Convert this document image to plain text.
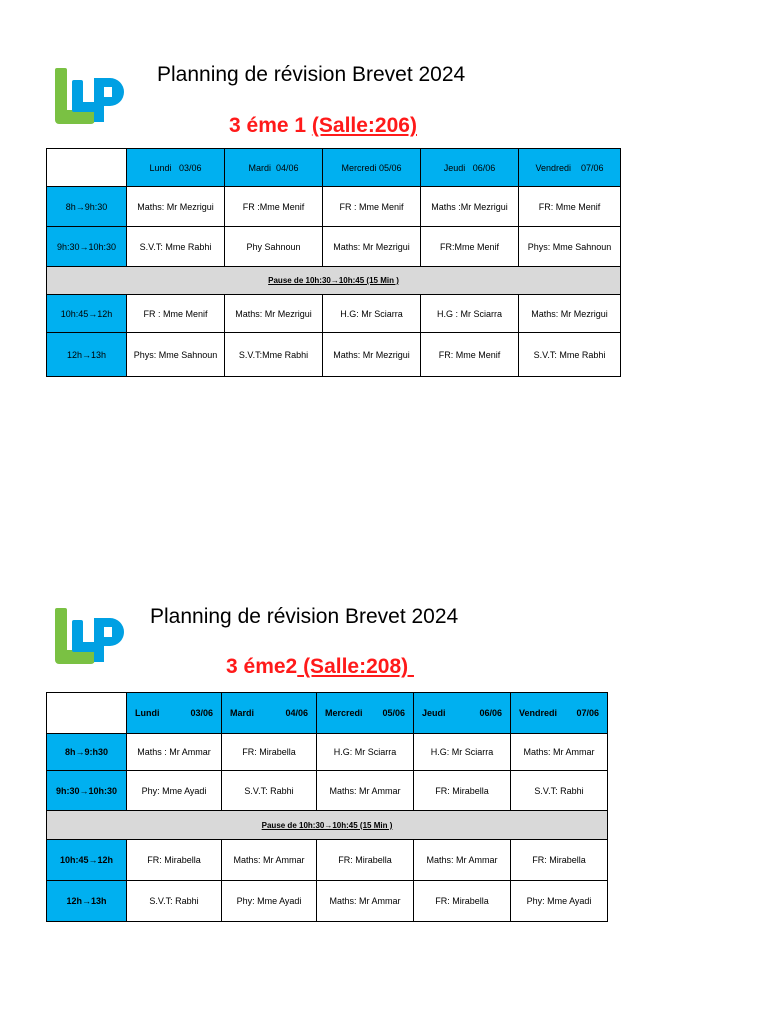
Planning de révision Brevet 2024
3 éme 1 (Salle:206)
	Lundi 03/06	Mardi 04/06	Mercredi 05/06	Jeudi 06/06	Vendredi 07/06
8h→9h:30	Maths: Mr Mezrigui	FR :Mme Menif	FR : Mme Menif	Maths :Mr Mezrigui	FR: Mme Menif
9h:30→10h:30	S.V.T: Mme Rabhi	Phy Sahnoun	Maths: Mr Mezrigui	FR:Mme Menif	Phys: Mme Sahnoun
Pause de 10h:30→10h:45 (15 Min )					
10h:45→12h	FR : Mme Menif	Maths: Mr Mezrigui	H.G: Mr Sciarra	H.G : Mr Sciarra	Maths: Mr Mezrigui
12h→13h	Phys: Mme Sahnoun	S.V.T:Mme Rabhi	Maths: Mr Mezrigui	FR: Mme Menif	S.V.T: Mme Rabhi
Planning de révision Brevet 2024
3 éme2 (Salle:208)

	Lundi 03/06	Mardi 04/06	Mercredi 05/06	Jeudi 06/06	Vendredi 07/06

8h→9:h30	Maths : Mr Ammar	FR: Mirabella	H.G: Mr Sciarra	H.G: Mr Sciarra	Maths: Mr Ammar
9h:30→10h:30	Phy: Mme Ayadi	S.V.T: Rabhi	Maths: Mr Ammar	FR: Mirabella	S.V.T: Rabhi
Pause de 10h:30→10h:45 (15 Min )					
10h:45→12h	FR: Mirabella	Maths: Mr Ammar	FR: Mirabella	Maths: Mr Ammar	FR: Mirabella
12h→13h	S.V.T: Rabhi	Phy: Mme Ayadi	Maths: Mr Ammar	FR: Mirabella	Phy: Mme Ayadi
